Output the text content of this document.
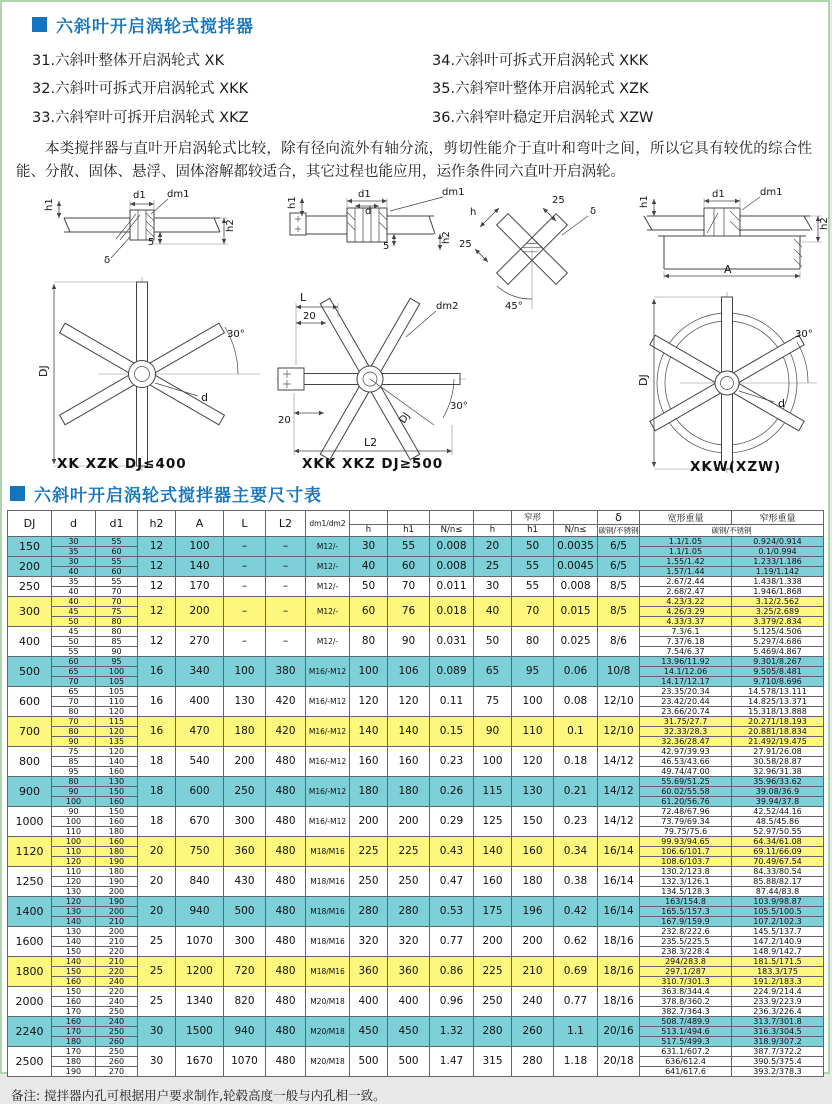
六斜叶开启涡轮式搅拌器
31.六斜叶整体开启涡轮式 XK
32.六斜叶可拆式开启涡轮式 XKK
33.六斜窄叶可拆开启涡轮式 XKZ
34.六斜叶可拆式开启涡轮式 XKK
35.六斜窄叶整体开启涡轮式 XZK
36.六斜窄叶稳定开启涡轮式 XZW
本类搅拌器与直叶开启涡轮式比较，除有径向流外有轴分流，剪切性能介于直叶和弯叶之间，所以它具有较优的综合性能、分散、固体、悬浮、固体溶解都较适合，其它过程也能应用，运作条件同六直叶开启涡轮。
d1 dm1
h1
h2
5
δ
DJ
d
30°
XK XZK DJ≤400
d1
d
h1
dm1
h2
5
L
20
20
dm2
30°
DJ
L2
XKK XKZ DJ≥500
h
25
25
δ
45°
d1	dm1
h1
h2
A
DJ
d
30°
XKW(XZW)
六斜叶开启涡轮式搅拌器主要尺寸表
DJ	d	d1	h2	A	L	L2	dm1/dm2					窄形		δ	宽形重量	窄形重量
								h	h1	N/n≤	h	h1	N/n≤	碳钢/不锈钢	碳钢/不锈钢	
150	30	55	12	100	–	–	M12/-	30	55	0.008	20	50	0.0035	6/5	1.1/1.05	0.924/0.914
	35	60													1.1/1.05	0.1/0.994
200	30	55	12	140	–	–	M12/-	40	60	0.008	25	55	0.0045	6/5	1.55/1.42	1.233/1.186
	40	60													1.57/1.44	1.19/1.142
250	35	55	12	170	–	–	M12/-	50	70	0.011	30	55	0.008	8/5	2.67/2.44	1.438/1.338
	40	70													2.68/2.47	1.946/1.868
300	40	70	12	200	–	–	M12/-	60	76	0.018	40	70	0.015	8/5	4.23/3.22	3.12/2.562
	45	75													4.26/3.29	3.25/2.689
	50	80													4.33/3.37	3.379/2.834
400	45	80	12	270	–	–	M12/-	80	90	0.031	50	80	0.025	8/6	7.3/6.1	5.125/4.506
	50	85													7.37/6.18	5.297/4.686
	55	90													7.54/6.37	5.469/4.867
500	60	95	16	340	100	380	M16/-M12	100	106	0.089	65	95	0.06	10/8	13.96/11.92	9.301/8.267
	65	100													14.1/12.06	9.505/8.481
	70	105													14.17/12.17	9.710/8.696
600	65	105	16	400	130	420	M16/-M12	120	120	0.11	75	100	0.08	12/10	23.35/20.34	14.578/13.111
	70	110													23.42/20.44	14.825/13.371
	80	120													23.66/20.74	15.318/13.888
700	70	115	16	470	180	420	M16/-M12	140	140	0.15	90	110	0.1	12/10	31.75/27.7	20.271/18.193
	80	120													32.33/28.3	20.881/18.834
	90	135													32.36/28.47	21.492/19.475
800	75	120	18	540	200	480	M16/-M12	160	160	0.23	100	120	0.18	14/12	42.97/39.93	27.91/26.08
	85	140													46.53/43.66	30.58/28.87
	95	160													49.74/47.00	32.96/31.38
900	80	130	18	600	250	480	M16/-M12	180	180	0.26	115	130	0.21	14/12	55.69/51.25	35.96/33.62
	90	150													60.02/55.58	39.08/36.9
	100	160													61.20/56.76	39.94/37.8
1000	90	150	18	670	300	480	M16/-M12	200	200	0.29	125	150	0.23	14/12	72.48/67.96	42.52/44.16
	100	160													73.79/69.34	48.5/45.86
	110	180													79.75/75.6	52.97/50.55
1120	100	160	20	750	360	480	M18/M16	225	225	0.43	140	160	0.34	16/14	99.93/94.65	64.34/61.08
	110	180													106.6/101.7	69.11/66.09
	120	190													108.6/103.7	70.49/67.54
1250	110	180	20	840	430	480	M18/M16	250	250	0.47	160	180	0.38	16/14	130.2/123.8	84.33/80.54
	120	190													132.3/126.1	85.88/82.17
	130	200													134.5/128.3	87.44/83.8
1400	120	190	20	940	500	480	M18/M16	280	280	0.53	175	196	0.42	16/14	163/154.8	103.9/98.87
	130	200													165.5/157.3	105.5/100.5
	140	210													167.9/159.9	107.2/102.3
1600	130	200	25	1070	300	480	M18/M16	320	320	0.77	200	200	0.62	18/16	232.8/222.6	145.5/137.7
	140	210													235.5/225.5	147.2/140.9
	150	220													238.3/228.4	148.9/142.7
1800	140	210	25	1200	720	480	M18/M16	360	360	0.86	225	210	0.69	18/16	294/283.8	181.5/171.5
	150	220													297.1/287	183.3/175
	160	240													310.7/301.3	191.2/183.3
2000	150	220	25	1340	820	480	M20/M18	400	400	0.96	250	240	0.77	18/16	363.8/344.4	224.9/214.4
	160	240													378.8/360.2	233.9/223.9
	170	250													382.7/364.3	236.3/226.4
2240	160	240	30	1500	940	480	M20/M18	450	450	1.32	280	260	1.1	20/16	508.7/489.9	313.7/301.8
	170	250													513.1/494.6	316.3/304.5
	180	260													517.5/499.3	318.9/307.2
2500	170	250	30	1670	1070	480	M20/M18	500	500	1.47	315	280	1.18	20/18	631.1/607.2	387.7/372.2
	180	260													636/612.4	390.5/375.4
	190	270													641/617.6	393.2/378.3
备注: 搅拌器内孔可根据用户要求制作,轮毂高度一般与内孔相一致。
